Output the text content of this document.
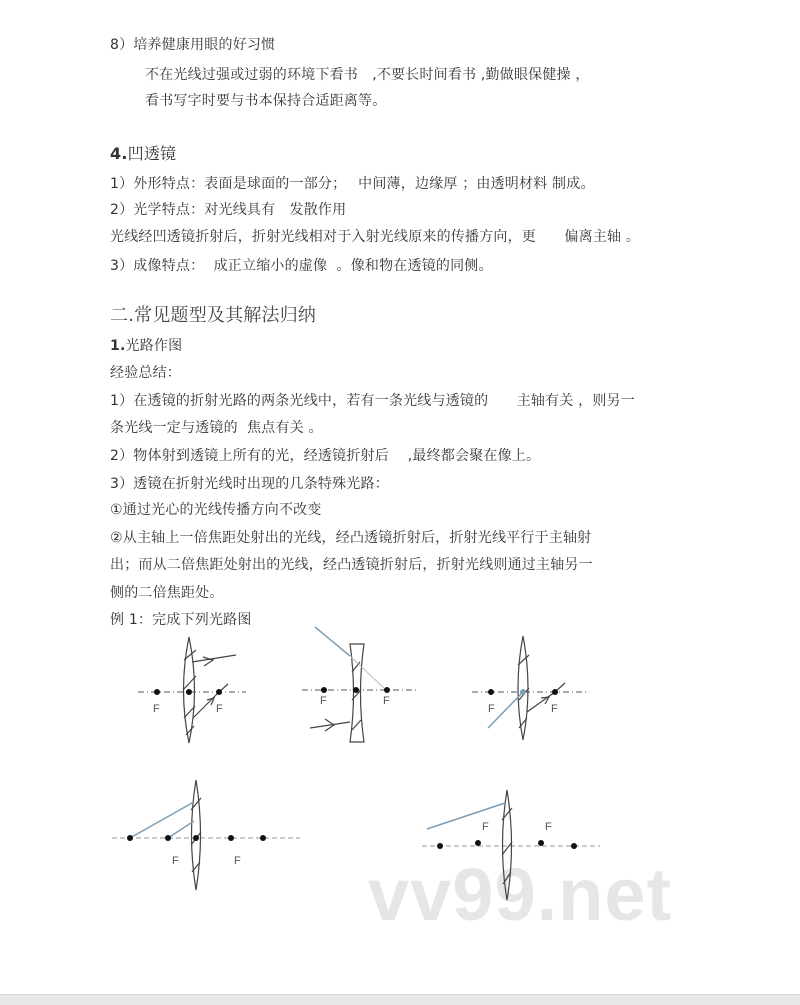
8）培养健康用眼的好习惯
不在光线过强或过弱的环境下看书　,不要长时间看书 ,勤做眼保健操 ，
看书写字时要与书本保持合适距离等。
4.凹透镜
1）外形特点：表面是球面的一部分；　 中间薄，边缘厚 ；由透明材料 制成。
2）光学特点：对光线具有　发散作用
光线经凹透镜折射后，折射光线相对于入射光线原来的传播方向，更　　偏离主轴 。
3）成像特点：  成正立缩小的虚像  。像和物在透镜的同侧。
二.常见题型及其解法归纳
1.光路作图
经验总结：
1）在透镜的折射光路的两条光线中，若有一条光线与透镜的　　主轴有关 ，则另一
条光线一定与透镜的  焦点有关 。
2）物体射到透镜上所有的光，经透镜折射后　 ,最终都会聚在像上。
3）透镜在折射光线时出现的几条特殊光路：
①通过光心的光线传播方向不改变
②从主轴上一倍焦距处射出的光线，经凸透镜折射后，折射光线平行于主轴射
出；而从二倍焦距处射出的光线，经凸透镜折射后，折射光线则通过主轴另一
侧的二倍焦距处。
例 1：完成下列光路图
vv99.net
F	F
F	F
F	F
F	F
F	F
